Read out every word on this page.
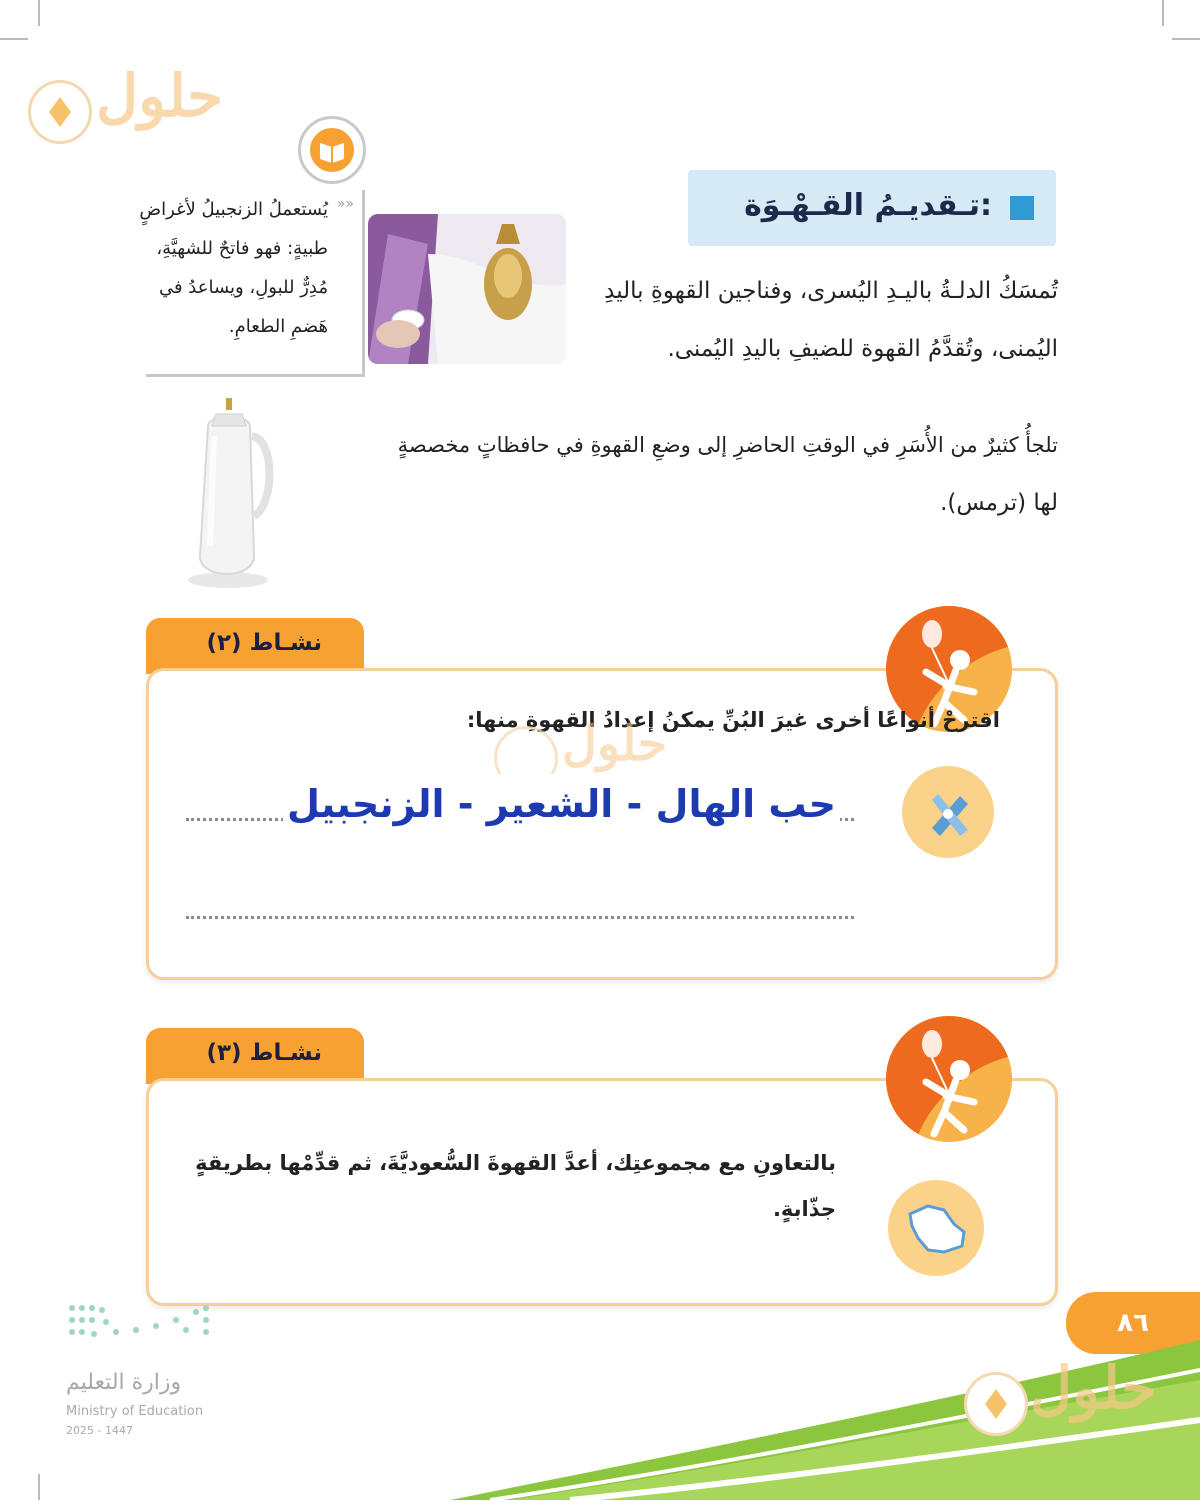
حلول
تـقديـمُ القـهْـوَة:
تُمسَكُ الدلـةُ باليـدِ اليُسرى، وفناجين القهوةِ باليدِ
اليُمنى، وتُقدَّمُ القهوة للضيفِ باليدِ اليُمنى.
»»
يُستعملُ الزنجبيلُ لأغراضٍ
طبيةٍ: فهو فاتحٌ للشهيَّةِ،
مُدِرٌّ للبولِ، ويساعدُ في
هَضمِ الطعامِ.
تلجأُ كثيرٌ من الأُسَرِ في الوقتِ الحاضرِ إلى وضعِ القهوةِ في حافظاتٍ مخصصةٍ
لها (ترمس).
نشـاط (٢)
اقترحْ أنواعًا أخرى غيرَ البُنِّ يمكنُ إعدادُ القهوةِ منها:
حلول
حب الهال - الشعير - الزنجبيل
نشـاط (٣)
بالتعاونِ مع مجموعتِك، أعدَّ القهوةَ السُّعوديَّةَ، ثم قدِّمْها بطريقةٍ
جذّابةٍ.
٨٦
وزارة التعليم
Ministry of Education
2025 - 1447
حلول
